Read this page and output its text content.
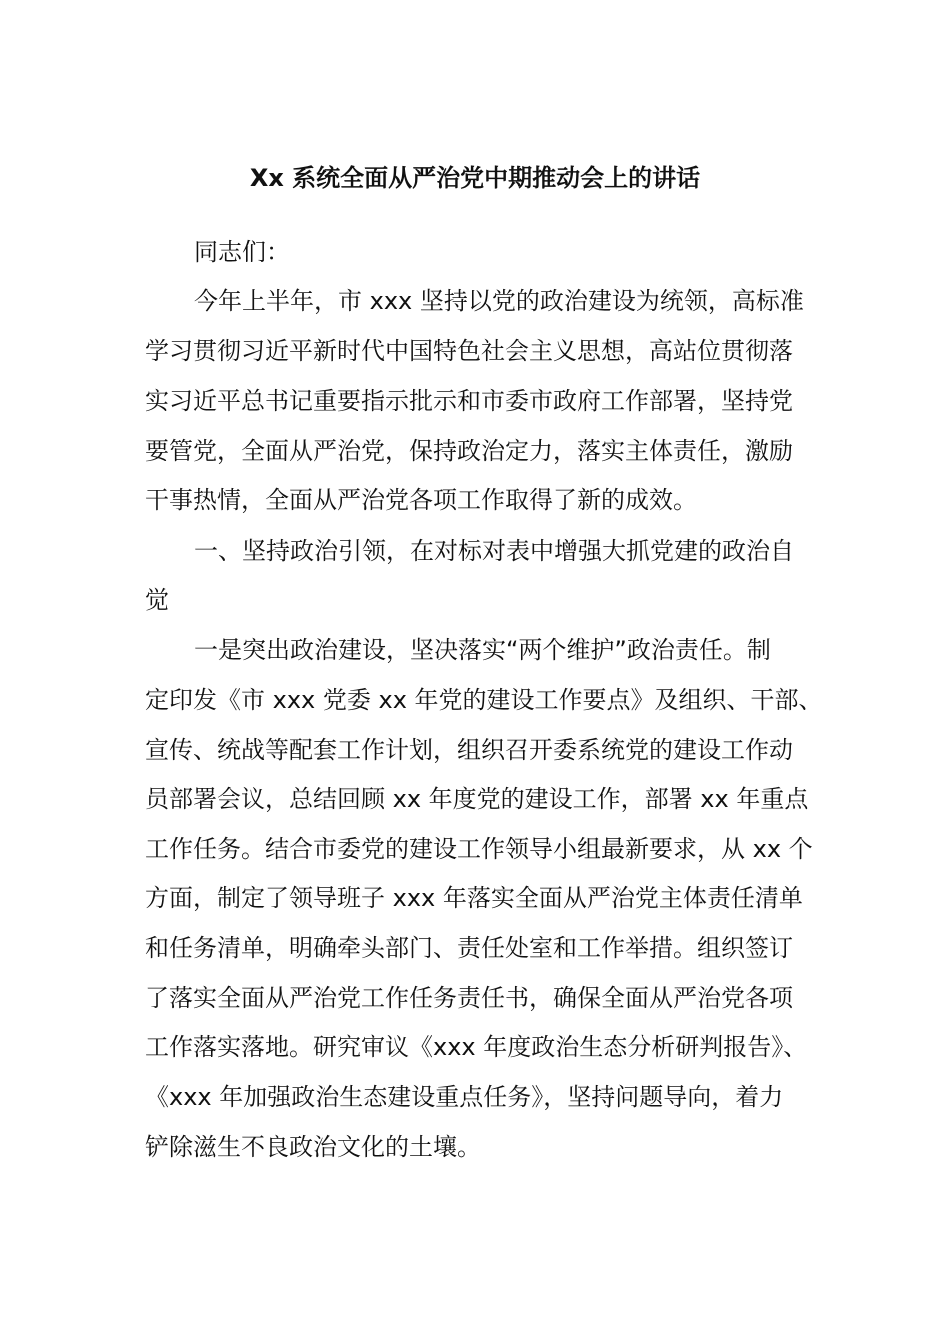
Xx 系统全面从严治党中期推动会上的讲话
同志们：
今年上半年，市 xxx 坚持以党的政治建设为统领，高标准
学习贯彻习近平新时代中国特色社会主义思想，高站位贯彻落
实习近平总书记重要指示批示和市委市政府工作部署，坚持党
要管党，全面从严治党，保持政治定力，落实主体责任，激励
干事热情，全面从严治党各项工作取得了新的成效。
一、坚持政治引领，在对标对表中增强大抓党建的政治自
觉
一是突出政治建设，坚决落实“两个维护”政治责任。制
定印发《市 xxx 党委 xx 年党的建设工作要点》及组织、干部、
宣传、统战等配套工作计划，组织召开委系统党的建设工作动
员部署会议，总结回顾 xx 年度党的建设工作，部署 xx 年重点
工作任务。结合市委党的建设工作领导小组最新要求，从 xx 个
方面，制定了领导班子 xxx 年落实全面从严治党主体责任清单
和任务清单，明确牵头部门、责任处室和工作举措。组织签订
了落实全面从严治党工作任务责任书，确保全面从严治党各项
工作落实落地。研究审议《xxx 年度政治生态分析研判报告》、
《xxx 年加强政治生态建设重点任务》，坚持问题导向，着力
铲除滋生不良政治文化的土壤。
